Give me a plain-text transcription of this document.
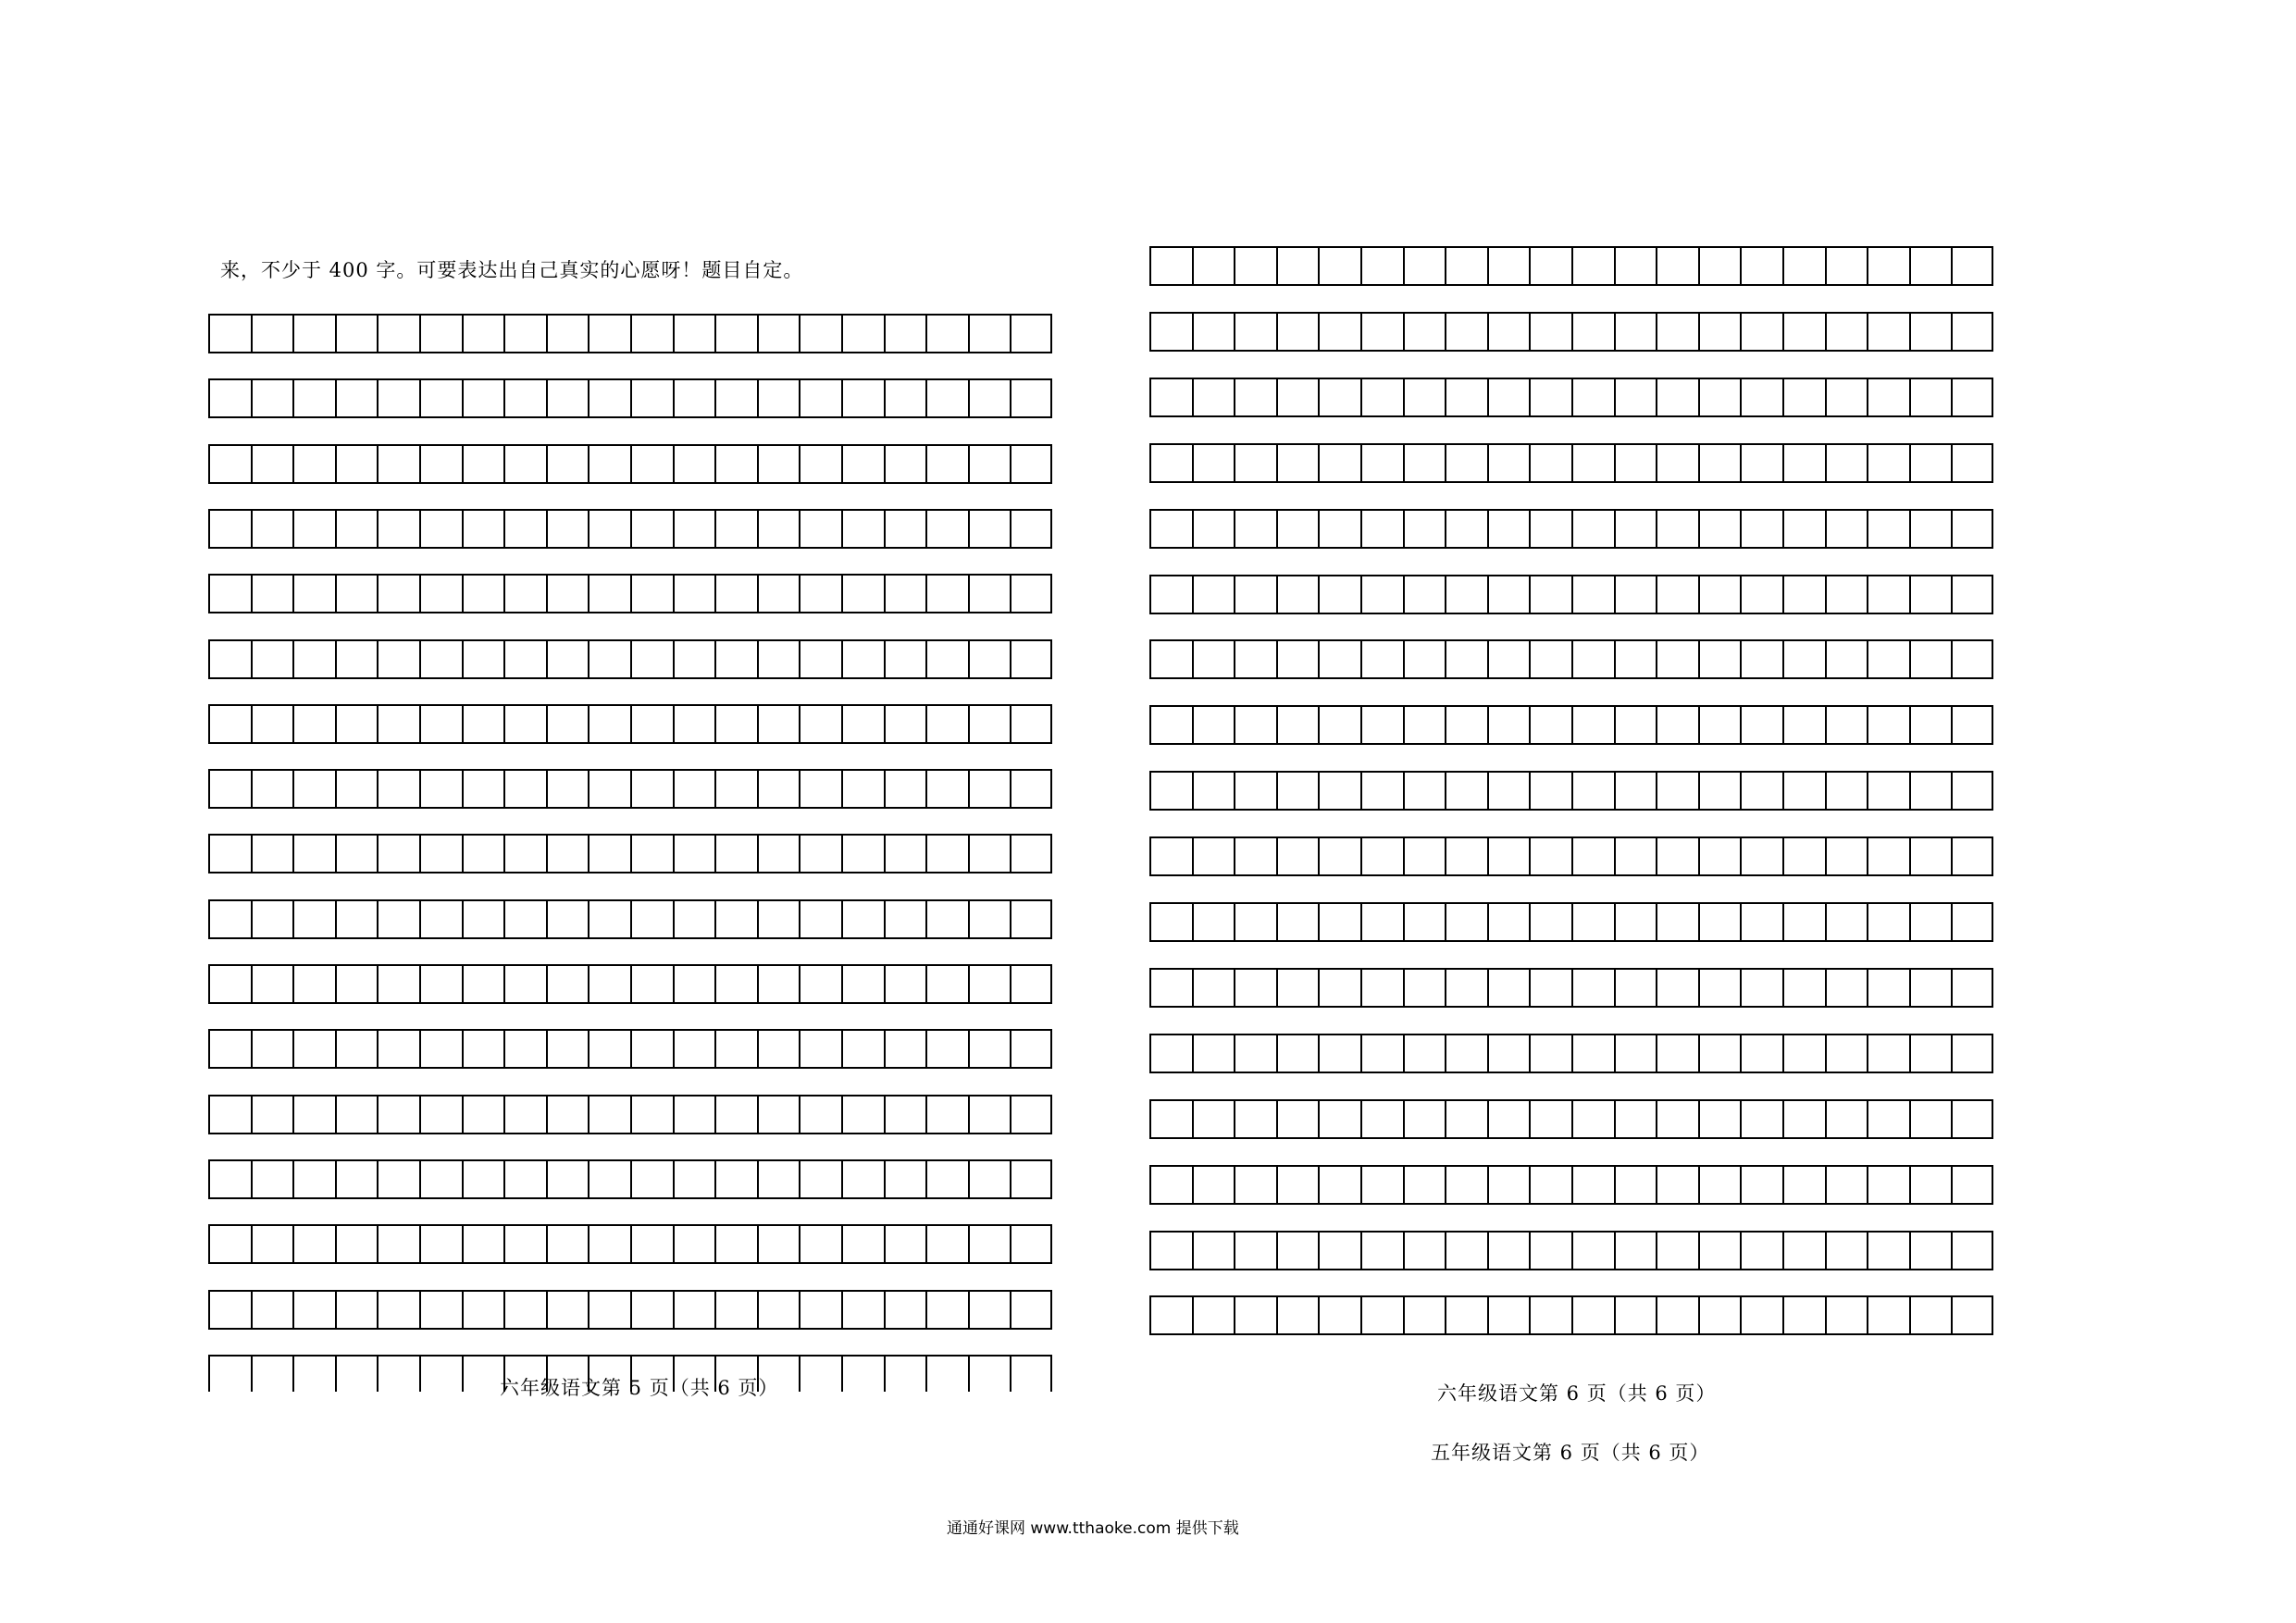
来，不少于 400 字。可要表达出自己真实的心愿呀！题目自定。
六年级语文第 5 页（共 6 页）	六年级语文第 6 页（共 6 页）
五年级语文第 6 页（共 6 页）
通通好课网 www.tthaoke.com 提供下载
